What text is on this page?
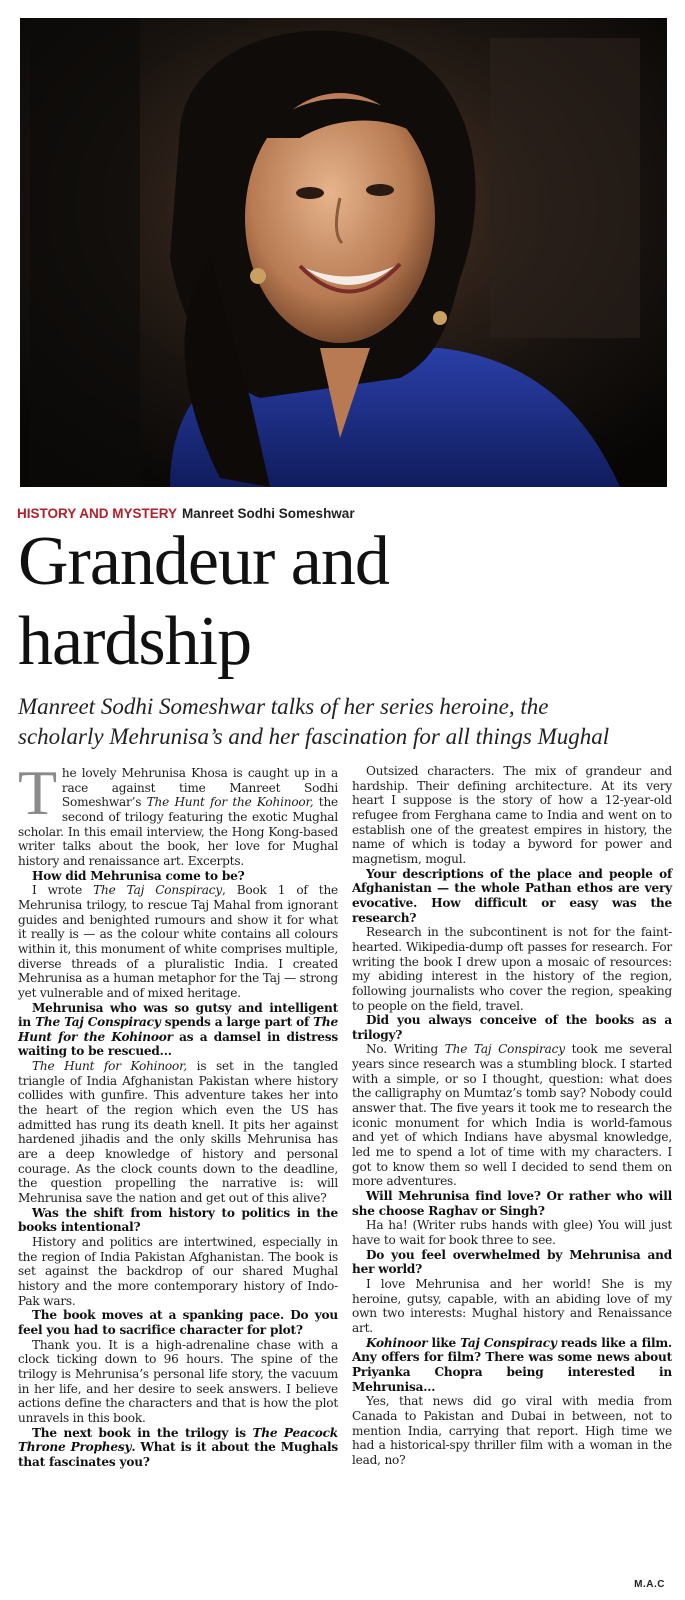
HISTORY AND MYSTERY Manreet Sodhi Someshwar
Grandeur and
hardship

Manreet Sodhi Someshwar talks of her series heroine, the
scholarly Mehrunisa’s and her fascination for all things Mughal

The lovely Mehrunisa Khosa is caught up in a race against time Manreet Sodhi Someshwar’s The Hunt for the Kohinoor, the second of trilogy featuring the exotic Mughal scholar. In this email interview, the Hong Kong-based writer talks about the book, her love for Mughal history and renaissance art. Excerpts.

How did Mehrunisa come to be?

I wrote The Taj Conspiracy, Book 1 of the Mehrunisa trilogy, to rescue Taj Mahal from ignorant guides and benighted rumours and show it for what it really is — as the colour white contains all colours within it, this monument of white comprises multiple, diverse threads of a pluralistic India. I created Mehrunisa as a human metaphor for the Taj — strong yet vulnerable and of mixed heritage.

Mehrunisa who was so gutsy and intelligent in The Taj Conspiracy spends a large part of The Hunt for the Kohinoor as a damsel in distress waiting to be rescued...

The Hunt for Kohinoor, is set in the tangled triangle of India Afghanistan Pakistan where history collides with gunfire. This adventure takes her into the heart of the region which even the US has admitted has rung its death knell. It pits her against hardened jihadis and the only skills Mehrunisa has are a deep knowledge of history and personal courage. As the clock counts down to the deadline, the question propelling the narrative is: will Mehrunisa save the nation and get out of this alive?

Was the shift from history to politics in the books intentional?

History and politics are intertwined, especially in the region of India Pakistan Afghanistan. The book is set against the backdrop of our shared Mughal history and the more contemporary history of Indo-Pak wars.

The book moves at a spanking pace. Do you feel you had to sacrifice character for plot?

Thank you. It is a high-adrenaline chase with a clock ticking down to 96 hours. The spine of the trilogy is Mehrunisa’s personal life story, the vacuum in her life, and her desire to seek answers. I believe actions define the characters and that is how the plot unravels in this book.

The next book in the trilogy is The Peacock Throne Prophesy. What is it about the Mughals that fascinates you?

Outsized characters. The mix of grandeur and hardship. Their defining architecture. At its very heart I suppose is the story of how a 12-year-old refugee from Ferghana came to India and went on to establish one of the greatest empires in history, the name of which is today a byword for power and magnetism, mogul.

Your descriptions of the place and people of Afghanistan — the whole Pathan ethos are very evocative. How difficult or easy was the research?

Research in the subcontinent is not for the faint-hearted. Wikipedia-dump oft passes for research. For writing the book I drew upon a mosaic of resources: my abiding interest in the history of the region, following journalists who cover the region, speaking to people on the field, travel.

Did you always conceive of the books as a trilogy?

No. Writing The Taj Conspiracy took me several years since research was a stumbling block. I started with a simple, or so I thought, question: what does the calligraphy on Mumtaz’s tomb say? Nobody could answer that. The five years it took me to research the iconic monument for which India is world-famous and yet of which Indians have abysmal knowledge, led me to spend a lot of time with my characters. I got to know them so well I decided to send them on more adventures.

Will Mehrunisa find love? Or rather who will she choose Raghav or Singh?

Ha ha! (Writer rubs hands with glee) You will just have to wait for book three to see.

Do you feel overwhelmed by Mehrunisa and her world?

I love Mehrunisa and her world! She is my heroine, gutsy, capable, with an abiding love of my own two interests: Mughal history and Renaissance art.

Kohinoor like Taj Conspiracy reads like a film. Any offers for film? There was some news about Priyanka Chopra being interested in Mehrunisa...

Yes, that news did go viral with media from Canada to Pakistan and Dubai in between, not to mention India, carrying that report. High time we had a historical-spy thriller film with a woman in the lead, no?

M.A.C
